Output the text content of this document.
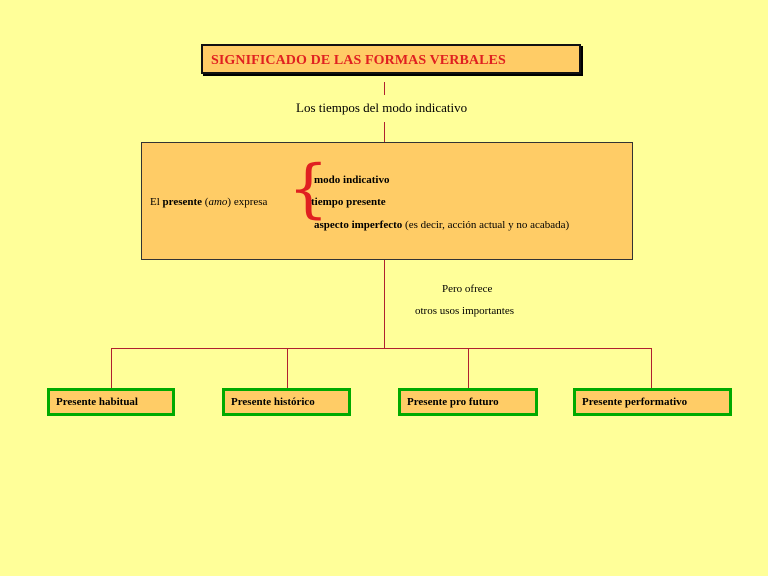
SIGNIFICADO DE LAS FORMAS VERBALES
Los tiempos del modo indicativo
El presente (amo) expresa {
modo indicativo
tiempo presente
aspecto imperfecto (es decir, acción actual y no acabada)
Pero ofrece
otros usos importantes
Presente habitual	Presente histórico	Presente pro futuro	Presente performativo
